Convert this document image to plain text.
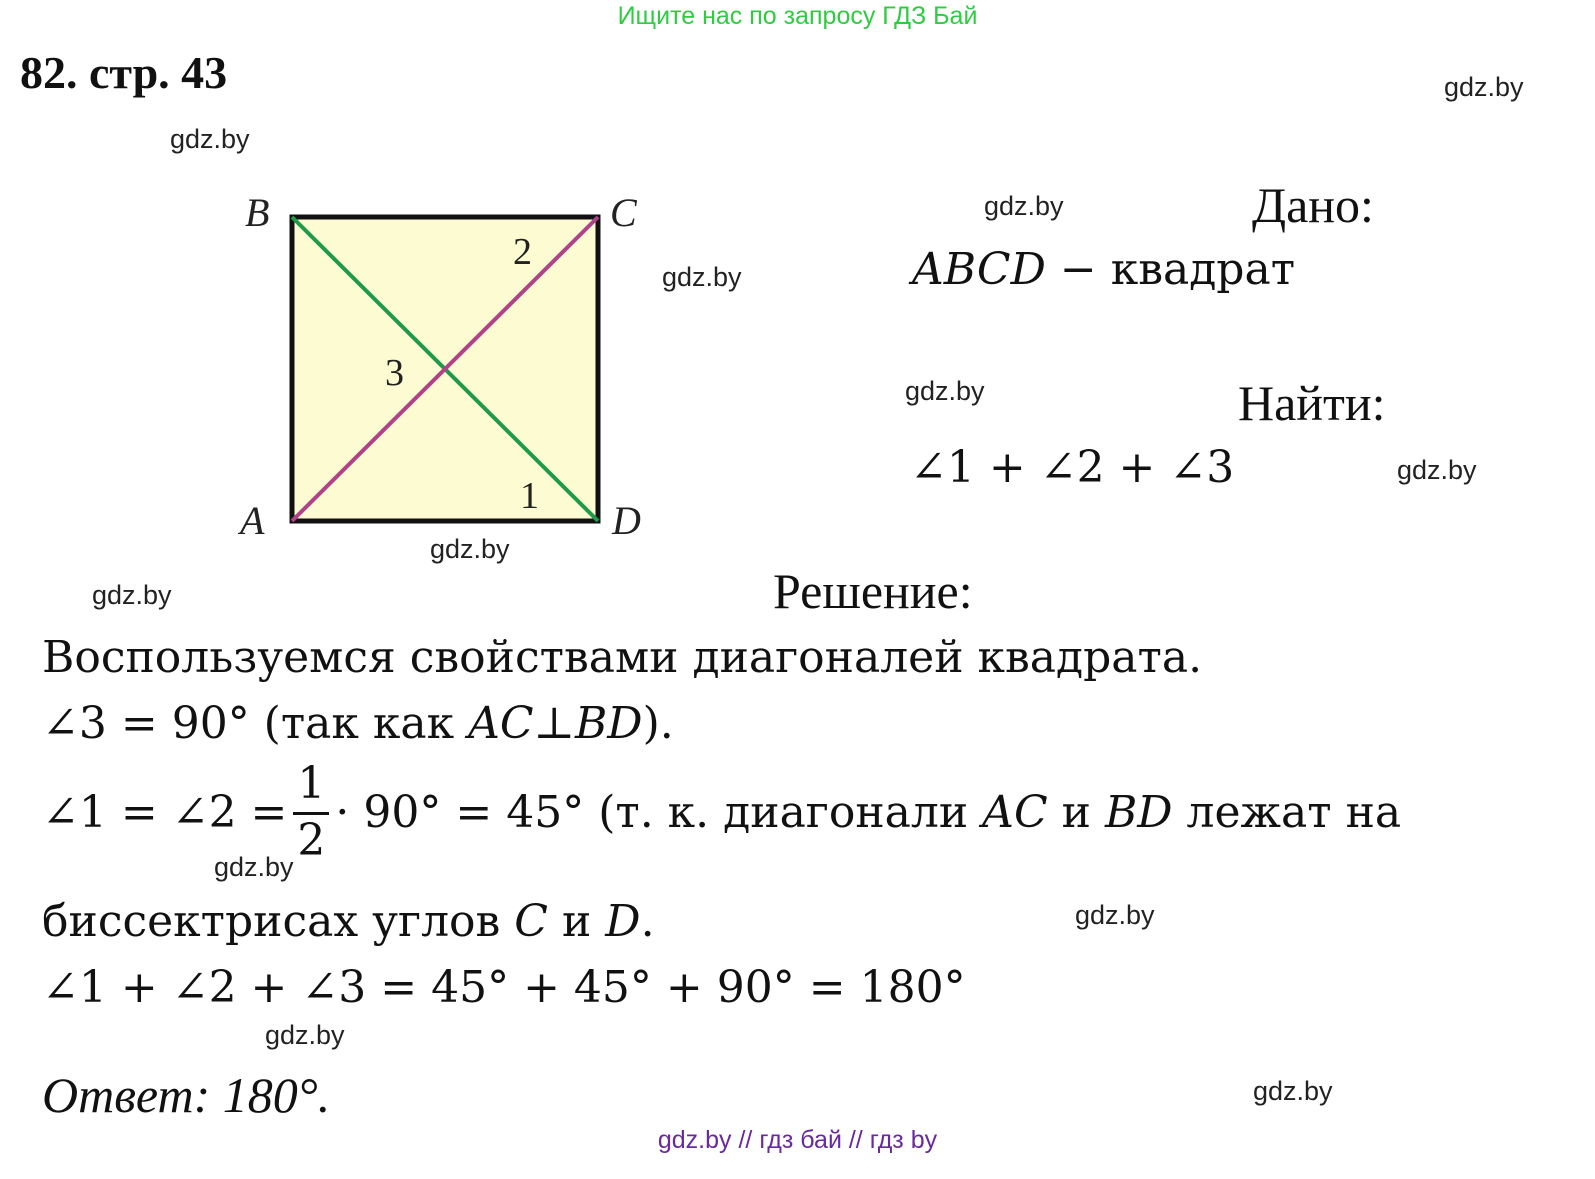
Ищите нас по запросу ГДЗ Бай
82. стр. 43	gdz.by
gdz.by
gdz.by
gdz.by
gdz.by
gdz.by
gdz.by
gdz.by
gdz.by
gdz.by
gdz.by
gdz.by
B	C
A	D
2
3
1
Дано:
ABCD − квадрат
Найти:
∠1 + ∠2 + ∠3
Решение:
Воспользуемся свойствами диагоналей квадрата.
∠3 = 90° (так как AC⊥BD).
∠1 = ∠2 = $\frac{1}{2} \cdot 90^\circ = 45^\circ$ (т. к. диагонали AC и BD лежат на
биссектрисах углов C и D.
∠1 + ∠2 + ∠3 = 45° + 45° + 90° = 180°
Ответ: 180°.
gdz.by // гдз бай // гдз by
